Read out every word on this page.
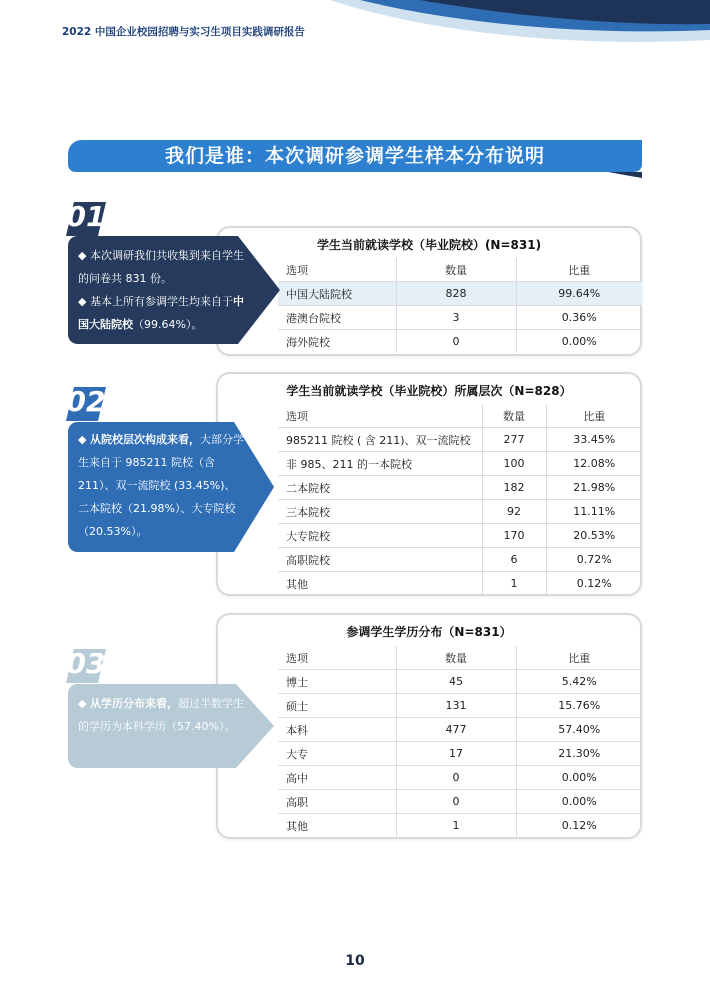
2022 中国企业校园招聘与实习生项目实践调研报告
我们是谁：本次调研参调学生样本分布说明
01

◆ 本次调研我们共收集到来自学生的问卷共 831 份。

◆ 基本上所有参调学生均来自于中国大陆院校（99.64%）。

学生当前就读学校（毕业院校）(N=831)
选项	数量	比重
中国大陆院校	828	99.64%
港澳台院校	3	0.36%
海外院校	0	0.00%
02

◆ 从院校层次构成来看，大部分学生来自于 985211 院校（含 211）、双一流院校 (33.45%)、二本院校（21.98%）、大专院校（20.53%）。

学生当前就读学校（毕业院校）所属层次（N=828）
选项	数量	比重
985211 院校 ( 含 211)、双一流院校	277	33.45%
非 985、211 的一本院校	100	12.08%
二本院校	182	21.98%
三本院校	92	11.11%
大专院校	170	20.53%
高职院校	6	0.72%
其他	1	0.12%
03

◆ 从学历分布来看，超过半数学生的学历为本科学历（57.40%）。

参调学生学历分布（N=831）
选项	数量	比重
博士	45	5.42%
硕士	131	15.76%
本科	477	57.40%
大专	17	21.30%
高中	0	0.00%
高职	0	0.00%
其他	1	0.12%
10
